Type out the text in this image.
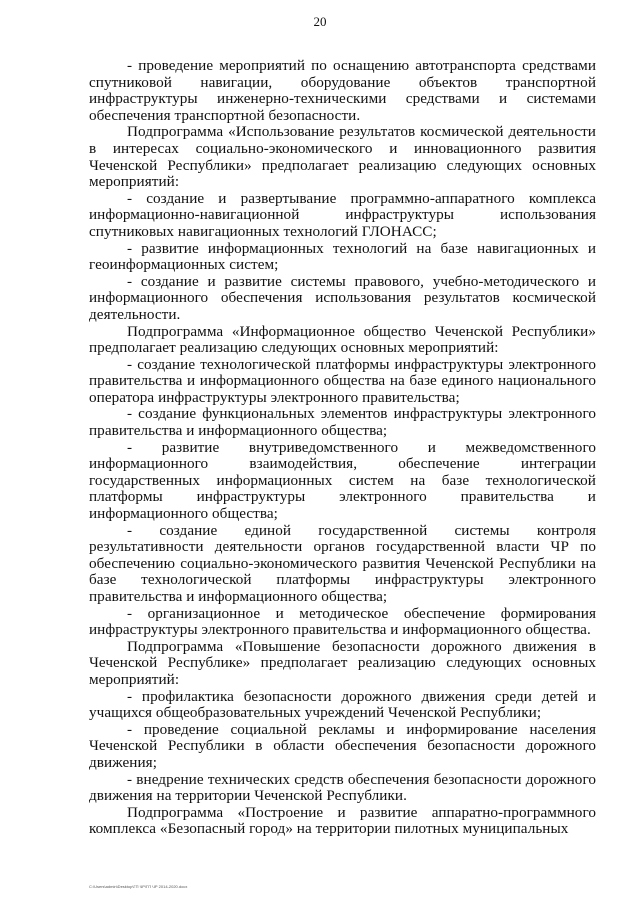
20

- проведение мероприятий по оснащению автотранспорта средствами спутниковой навигации, оборудование объектов транспортной инфраструктуры инженерно-техническими средствами и системами обеспечения транспортной безопасности.

Подпрограмма «Использование результатов космической деятельности в интересах социально-экономического и инновационного развития Чеченской Республики» предполагает реализацию следующих основных мероприятий:

- создание и развертывание программно-аппаратного комплекса информационно-навигационной инфраструктуры использования спутниковых навигационных технологий ГЛОНАСС;

- развитие информационных технологий на базе навигационных и геоинформационных систем;

- создание и развитие системы правового, учебно-методического и информационного обеспечения использования результатов космической деятельности.

Подпрограмма «Информационное общество Чеченской Республики» предполагает реализацию следующих основных мероприятий:

- создание технологической платформы инфраструктуры электронного правительства и информационного общества на базе единого национального оператора инфраструктуры электронного правительства;

- создание функциональных элементов инфраструктуры электронного правительства и информационного общества;

- развитие внутриведомственного и межведомственного информационного взаимодействия, обеспечение интеграции государственных информационных систем на базе технологической платформы инфраструктуры электронного правительства и информационного общества;

- создание единой государственной системы контроля результативности деятельности органов государственной власти ЧР по обеспечению социально-экономического развития Чеченской Республики на базе технологической платформы инфраструктуры электронного правительства и информационного общества;

- организационное и методическое обеспечение формирования инфраструктуры электронного правительства и информационного общества.

Подпрограмма «Повышение безопасности дорожного движения в Чеченской Республике» предполагает реализацию следующих основных мероприятий:

- профилактика безопасности дорожного движения среди детей и учащихся общеобразовательных учреждений Чеченской Республики;

- проведение социальной рекламы и информирование населения Чеченской Республики в области обеспечения безопасности дорожного движения;

- внедрение технических средств обеспечения безопасности дорожного движения на территории Чеченской Республики.

Подпрограмма «Построение и развитие аппаратно-программного комплекса «Безопасный город» на территории пилотных муниципальных

C:\Users\admin\Desktop\ГП ЧР\ГП ЧР 2014-2020.docx
